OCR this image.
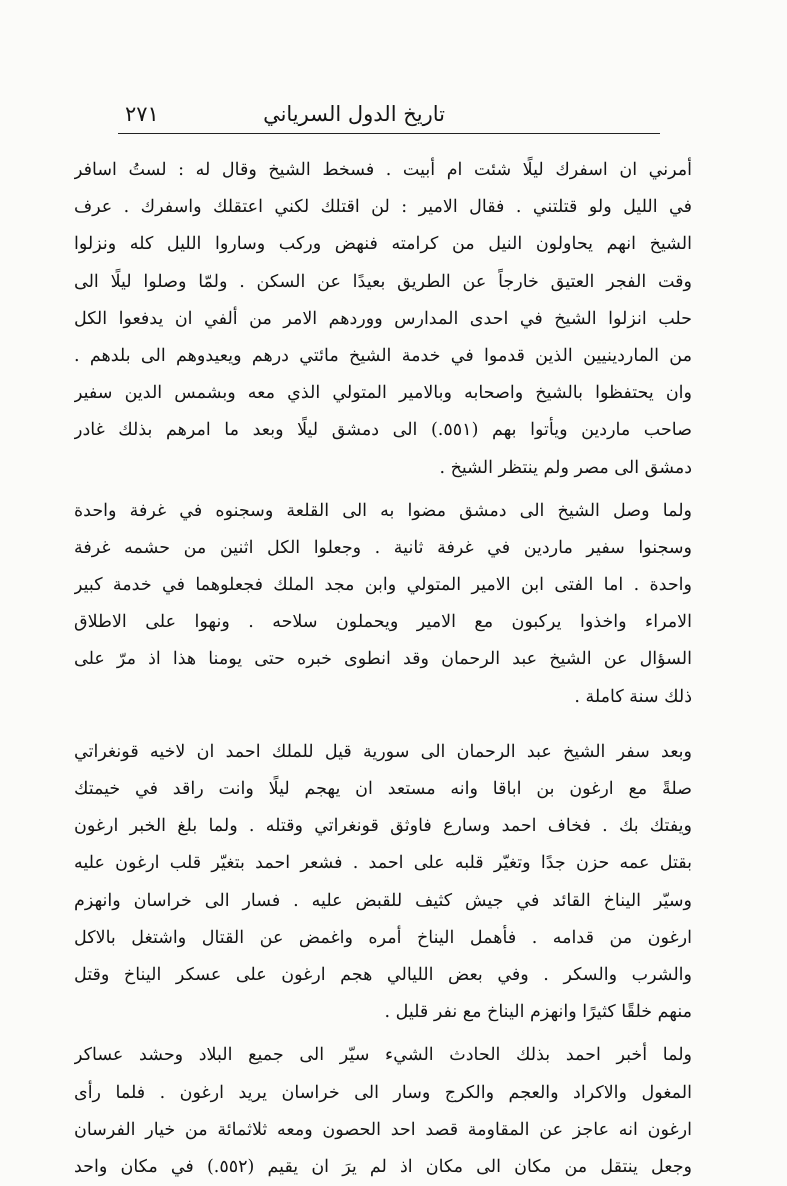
تاريخ الدول السرياني
٢٧١
أمرني ان اسفرك ليلًا شئت ام أبيت . فسخط الشيخ وقال له : لستُ اسافر
في الليل ولو قتلتني . فقال الامير : لن اقتلك لكني اعتقلك واسفرك . عرف
الشيخ انهم يحاولون النيل من كرامته فنهض وركب وساروا الليل كله ونزلوا
وقت الفجر العتيق خارجاً عن الطريق بعيدًا عن السكن . ولمّا وصلوا ليلًا الى
حلب انزلوا الشيخ في احدى المدارس ووردهم الامر من ألفي ان يدفعوا الكل
من الماردينيين الذين قدموا في خدمة الشيخ مائتي درهم ويعيدوهم الى بلدهم .
وان يحتفظوا بالشيخ واصحابه وبالامير المتولي الذي معه وبشمس الدين سفير
صاحب ماردين ويأتوا بهم (٥٥١.) الى دمشق ليلًا وبعد ما امرهم بذلك غادر
دمشق الى مصر ولم ينتظر الشيخ .
ولما وصل الشيخ الى دمشق مضوا به الى القلعة وسجنوه في غرفة واحدة
وسجنوا سفير ماردين في غرفة ثانية . وجعلوا الكل اثنين من حشمه غرفة
واحدة . اما الفتى ابن الامير المتولي وابن مجد الملك فجعلوهما في خدمة كبير
الامراء واخذوا يركبون مع الامير ويحملون سلاحه . ونهوا على الاطلاق
السؤال عن الشيخ عبد الرحمان وقد انطوى خبره حتى يومنا هذا اذ مرّ على
ذلك سنة كاملة .
وبعد سفر الشيخ عبد الرحمان الى سورية قيل للملك احمد ان لاخيه قونغراتي
صلةً مع ارغون بن اباقا وانه مستعد ان يهجم ليلًا وانت راقد في خيمتك
ويفتك بك . فخاف احمد وسارع فاوثق قونغراتي وقتله . ولما بلغ الخبر ارغون
بقتل عمه حزن جدًا وتغيّر قلبه على احمد . فشعر احمد بتغيّر قلب ارغون عليه
وسيّر اليناخ القائد في جيش كثيف للقبض عليه . فسار الى خراسان وانهزم
ارغون من قدامه . فأهمل اليناخ أمره واغمض عن القتال واشتغل بالاكل
والشرب والسكر . وفي بعض الليالي هجم ارغون على عسكر اليناخ وقتل
منهم خلقًا كثيرًا وانهزم اليناخ مع نفر قليل .
ولما أخبر احمد بذلك الحادث الشيء سيّر الى جميع البلاد وحشد عساكر
المغول والاكراد والعجم والكرج وسار الى خراسان يريد ارغون . فلما رأى
ارغون انه عاجز عن المقاومة قصد احد الحصون ومعه ثلاثمائة من خيار الفرسان
وجعل ينتقل من مكان الى مكان اذ لم يرَ ان يقيم (٥٥٢.) في مكان واحد
